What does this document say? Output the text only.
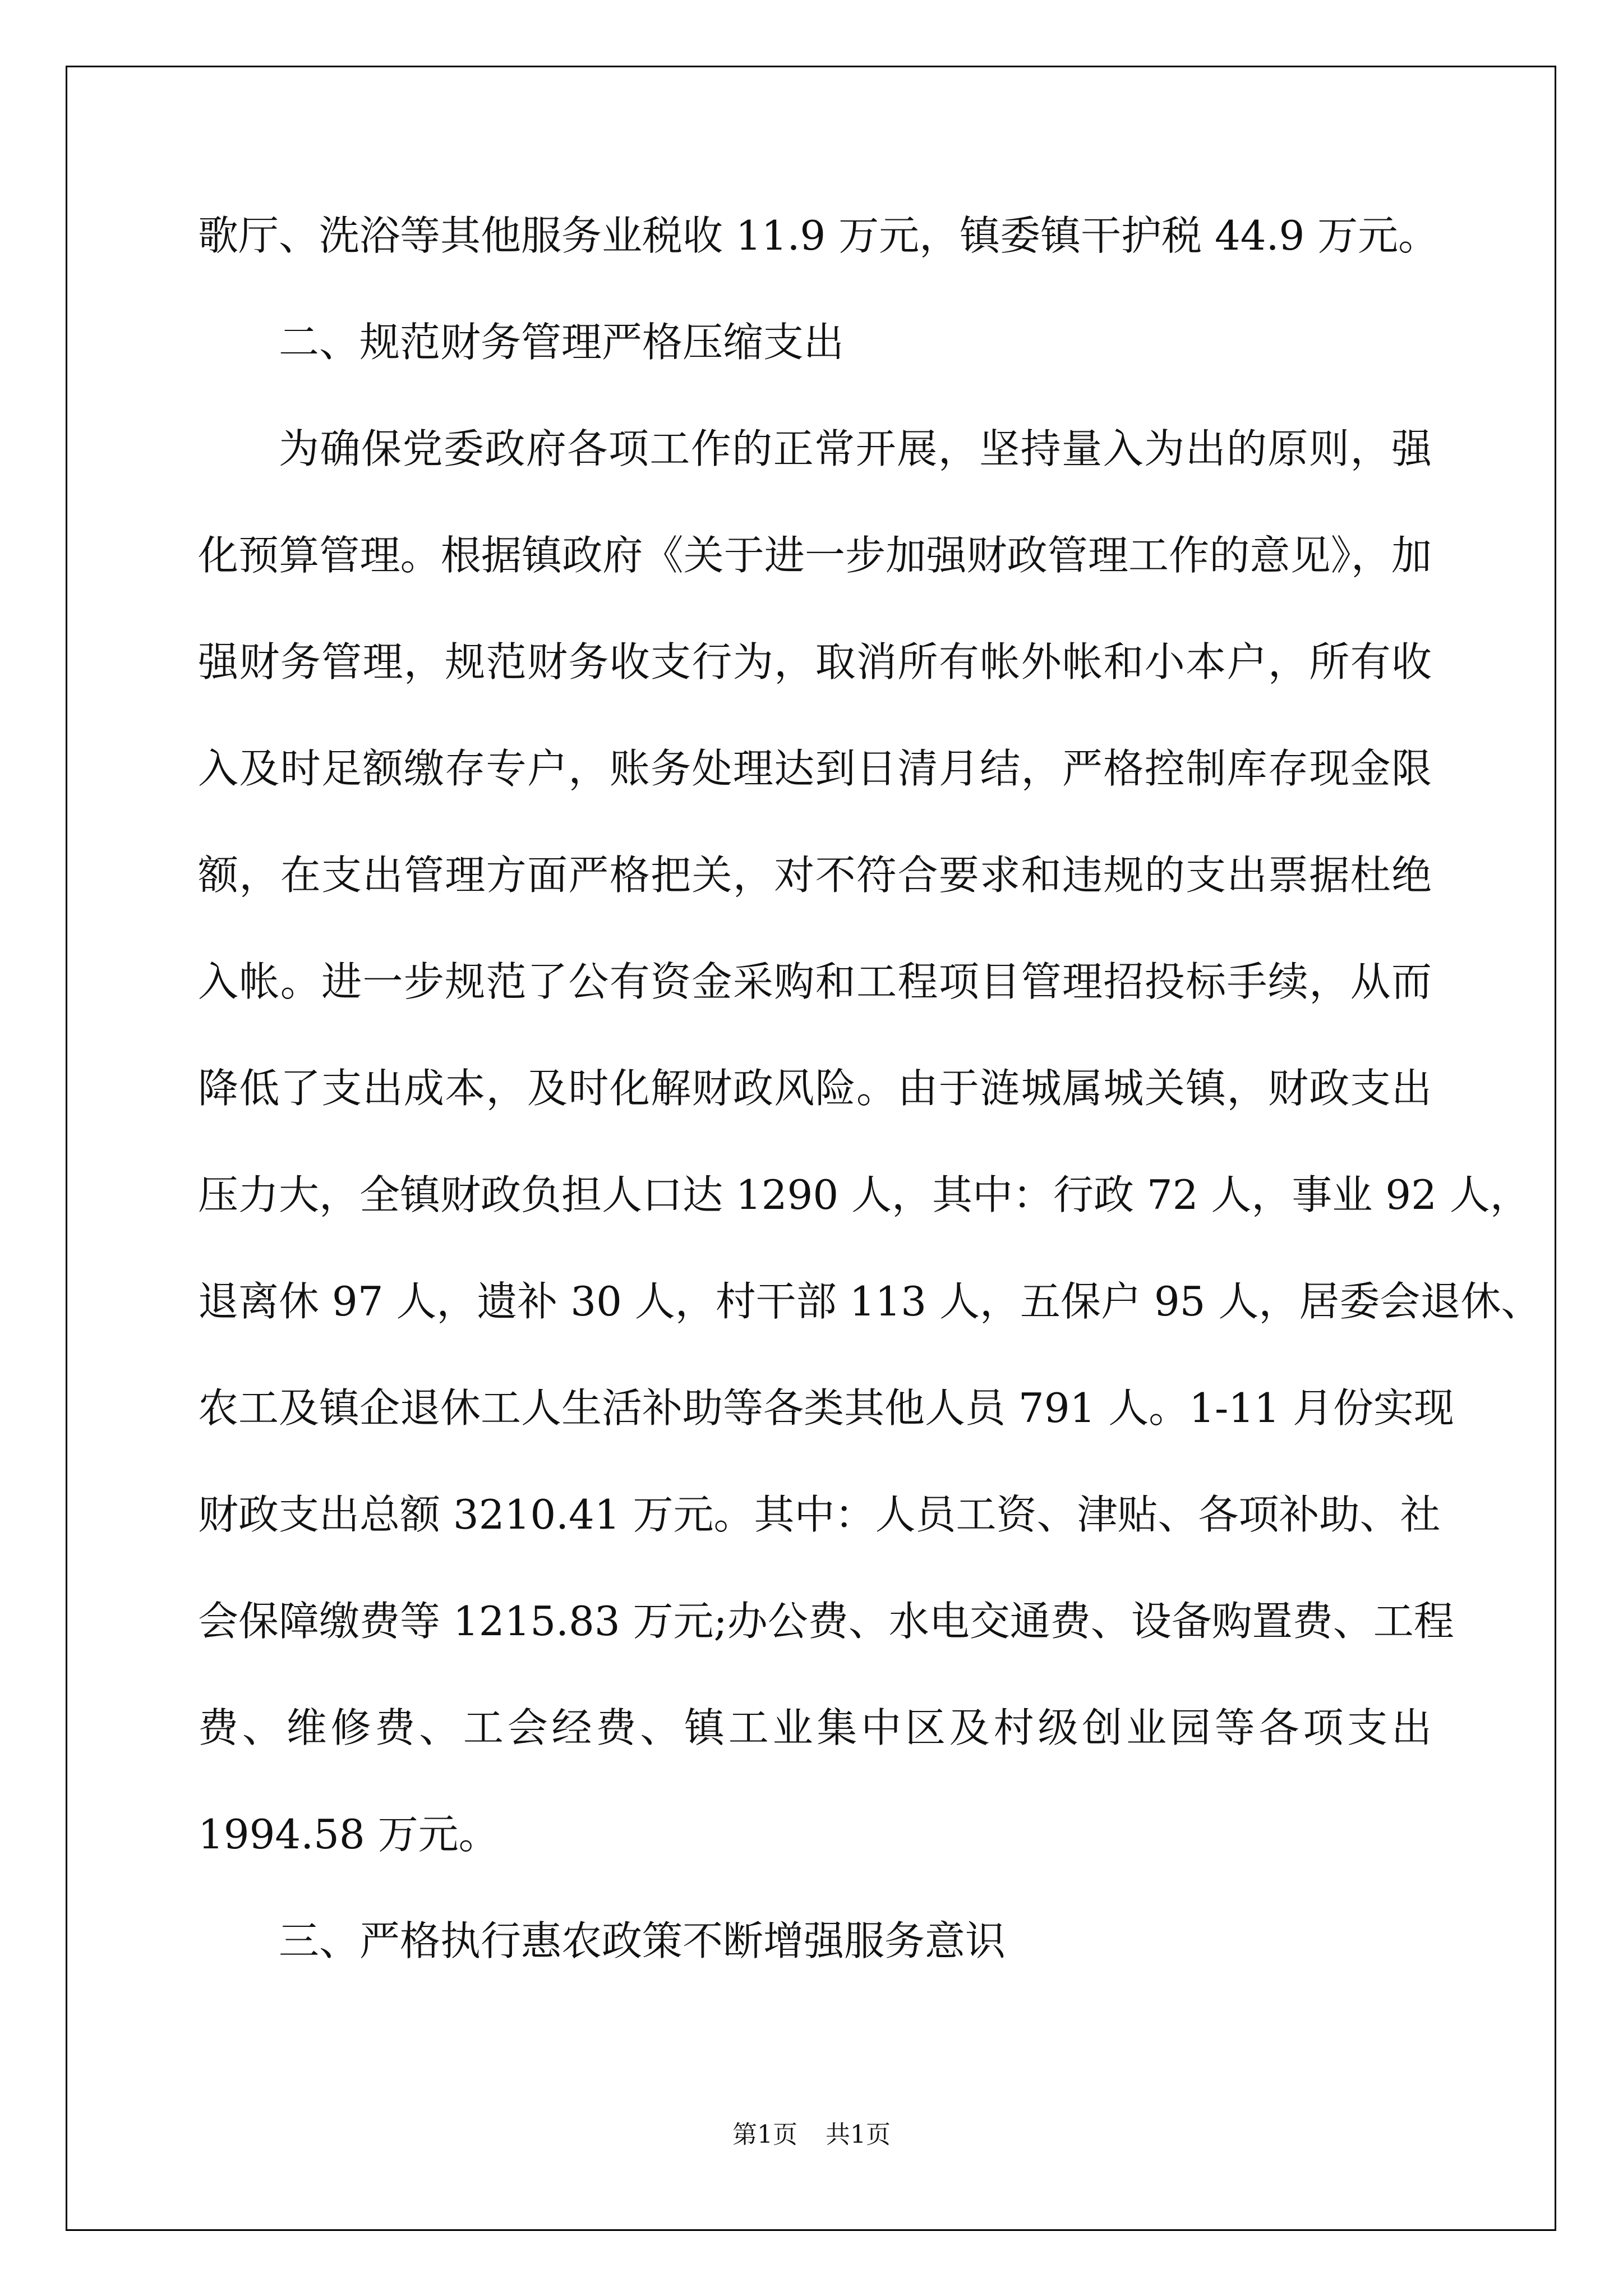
歌厅、洗浴等其他服务业税收 11.9 万元，镇委镇干护税 44.9 万元。
二、规范财务管理严格压缩支出
为确保党委政府各项工作的正常开展，坚持量入为出的原则，强
化预算管理。根据镇政府《关于进一步加强财政管理工作的意见》，加
强财务管理，规范财务收支行为，取消所有帐外帐和小本户，所有收
入及时足额缴存专户，账务处理达到日清月结，严格控制库存现金限
额，在支出管理方面严格把关，对不符合要求和违规的支出票据杜绝
入帐。进一步规范了公有资金采购和工程项目管理招投标手续，从而
降低了支出成本，及时化解财政风险。由于涟城属城关镇，财政支出
压力大，全镇财政负担人口达 1290 人，其中：行政 72 人，事业 92 人，
退离休 97 人，遗补 30 人，村干部 113 人，五保户 95 人，居委会退休、
农工及镇企退休工人生活补助等各类其他人员 791 人。1-11 月份实现
财政支出总额 3210.41 万元。其中：人员工资、津贴、各项补助、社
会保障缴费等 1215.83 万元;办公费、水电交通费、设备购置费、工程
费、维修费、工会经费、镇工业集中区及村级创业园等各项支出
1994.58 万元。
三、严格执行惠农政策不断增强服务意识
第1页 共1页
